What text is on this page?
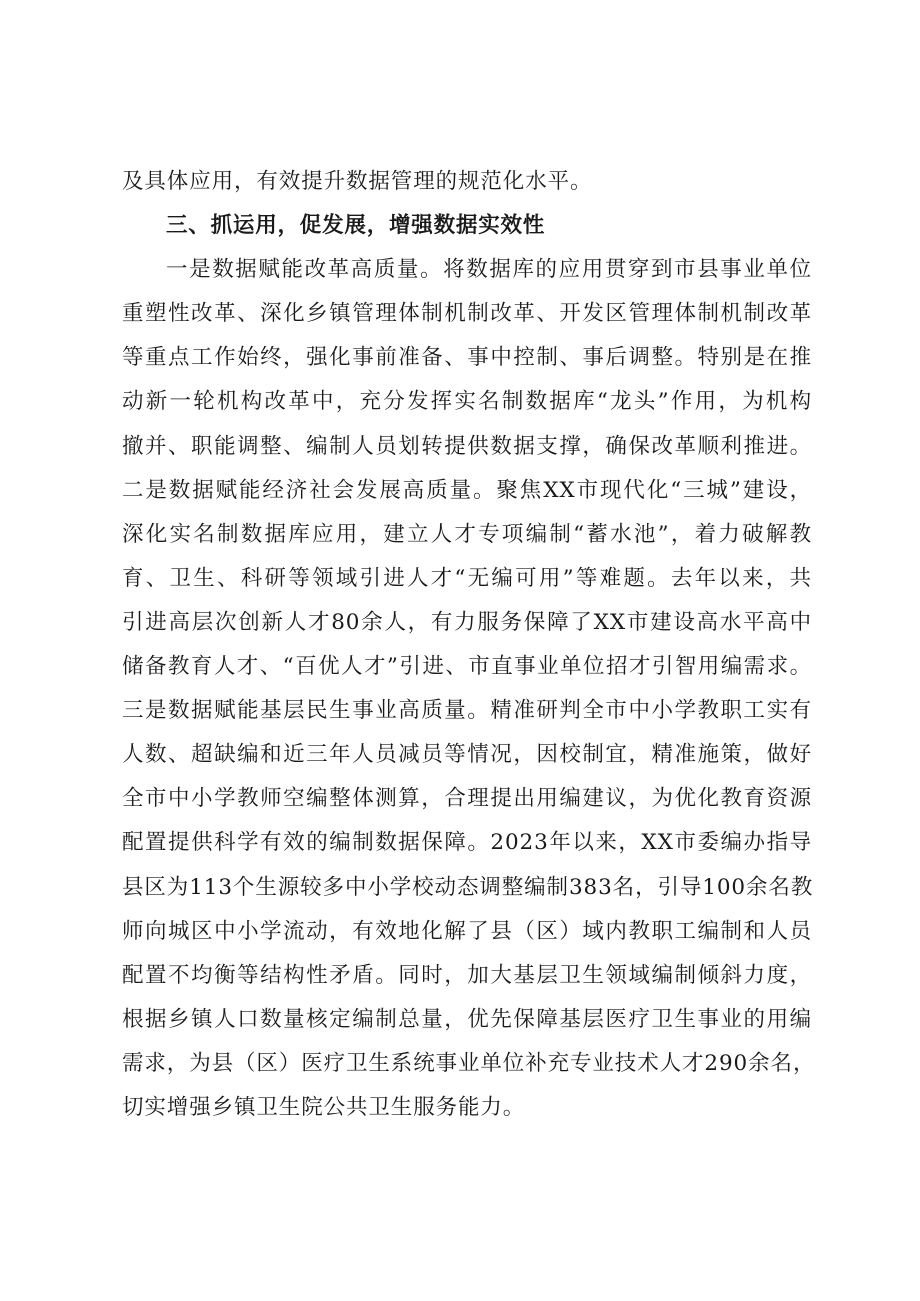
及具体应用，有效提升数据管理的规范化水平。
三、抓运用，促发展，增强数据实效性
一是数据赋能改革高质量。将数据库的应用贯穿到市县事业单位
重塑性改革、深化乡镇管理体制机制改革、开发区管理体制机制改革
等重点工作始终，强化事前准备、事中控制、事后调整。特别是在推
动新一轮机构改革中，充分发挥实名制数据库“龙头”作用，为机构
撤并、职能调整、编制人员划转提供数据支撑，确保改革顺利推进。
二是数据赋能经济社会发展高质量。聚焦XX市现代化“三城”建设，
深化实名制数据库应用，建立人才专项编制“蓄水池”，着力破解教
育、卫生、科研等领域引进人才“无编可用”等难题。去年以来，共
引进高层次创新人才80余人，有力服务保障了XX市建设高水平高中
储备教育人才、“百优人才”引进、市直事业单位招才引智用编需求。
三是数据赋能基层民生事业高质量。精准研判全市中小学教职工实有
人数、超缺编和近三年人员减员等情况，因校制宜，精准施策，做好
全市中小学教师空编整体测算，合理提出用编建议，为优化教育资源
配置提供科学有效的编制数据保障。2023年以来，XX市委编办指导
县区为113个生源较多中小学校动态调整编制383名，引导100余名教
师向城区中小学流动，有效地化解了县（区）域内教职工编制和人员
配置不均衡等结构性矛盾。同时，加大基层卫生领域编制倾斜力度，
根据乡镇人口数量核定编制总量，优先保障基层医疗卫生事业的用编
需求，为县（区）医疗卫生系统事业单位补充专业技术人才290余名，
切实增强乡镇卫生院公共卫生服务能力。
